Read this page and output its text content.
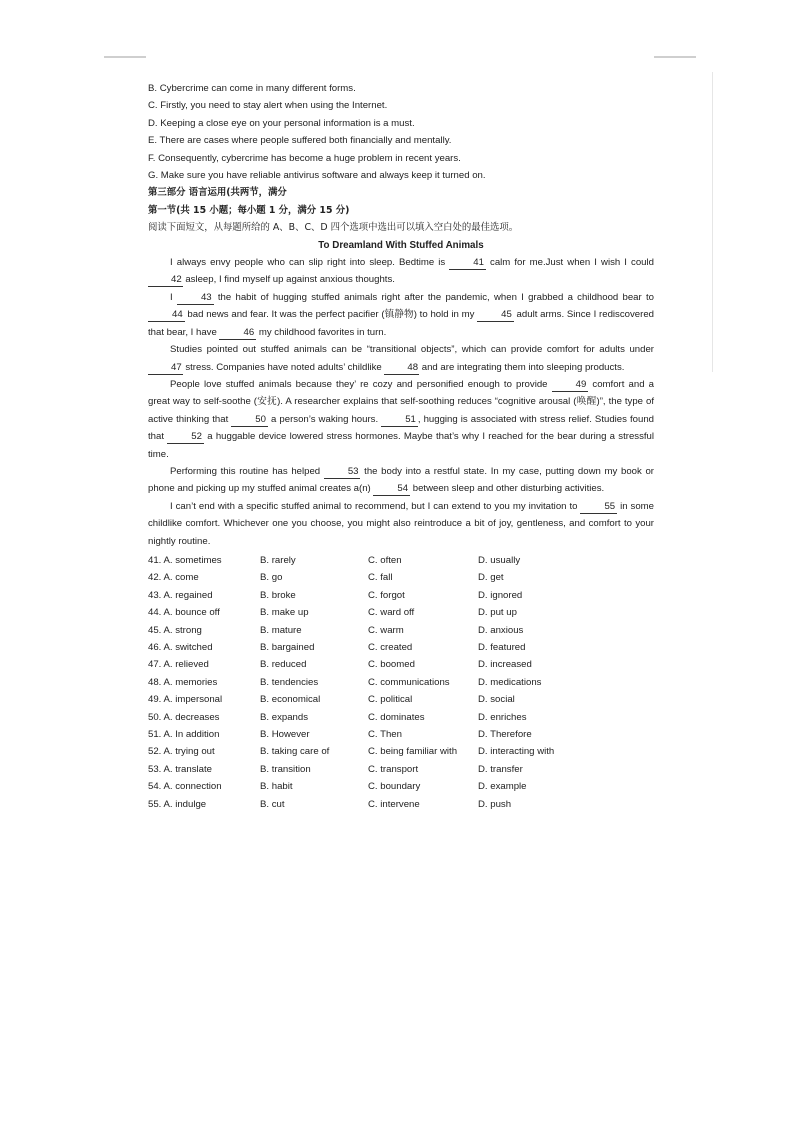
B. Cybercrime can come in many different forms.
C. Firstly, you need to stay alert when using the Internet.
D. Keeping a close eye on your personal information is a must.
E. There are cases where people suffered both financially and mentally.
F. Consequently, cybercrime has become a huge problem in recent years.
G. Make sure you have reliable antivirus software and always keep it turned on.
第三部分 语言运用(共两节，满分
第一节(共 15 小题；每小题 1 分，满分 15 分)
阅读下面短文，从每题所给的 A、B、C、D 四个选项中选出可以填入空白处的最佳选项。

To Dreamland With Stuffed Animals

I always envy people who can slip right into sleep. Bedtime is	41 calm for me.Just when I wish I could 42 asleep, I find myself up against anxious thoughts.

I	43 the habit of hugging stuffed animals right after the pandemic, when I grabbed a childhood bear to 44 bad news and fear. It was the perfect pacifier (镇静物) to hold in my	45 adult arms. Since I rediscovered that bear, I have	46 my childhood favorites in turn.

Studies pointed out stuffed animals can be “transitional objects”, which can provide comfort for adults under 47 stress. Companies have noted adults’ childlike 48 and are integrating them into sleeping products.

People love stuffed animals because they’ re cozy and personified enough to provide	49 comfort and a great way to self-soothe (安抚). A researcher explains that self-soothing reduces “cognitive arousal (唤醒)”, the type of active thinking that	50 a person’s waking hours.	51 , hugging is associated with stress relief. Studies found that	52 a huggable device lowered stress hormones. Maybe that’s why I reached for the bear during a stressful time.

Performing this routine has helped	53 the body into a restful state. In my case, putting down my book or phone and picking up my stuffed animal creates a(n)	54 between sleep and other disturbing activities.

I can’t end with a specific stuffed animal to recommend, but I can extend to you my invitation to	55 in some childlike comfort. Whichever one you choose, you might also reintroduce a bit of joy, gentleness, and comfort to your nightly routine.

41. A. sometimes	B. rarely	C. often	D. usually
42. A. come	B. go	C. fall	D. get
43. A. regained	B. broke	C. forgot	D. ignored
44. A. bounce off	B. make up	C. ward off	D. put up
45. A. strong	B. mature	C. warm	D. anxious
46. A. switched	B. bargained	C. created	D. featured
47. A. relieved	B. reduced	C. boomed	D. increased
48. A. memories	B. tendencies	C. communications	D. medications
49. A. impersonal	B. economical	C. political	D. social
50. A. decreases	B. expands	C. dominates	D. enriches
51. A. In addition	B. However	C. Then	D. Therefore
52. A. trying out	B. taking care of	C. being familiar with	D. interacting with
53. A. translate	B. transition	C. transport	D. transfer
54. A. connection	B. habit	C. boundary	D. example
55. A. indulge	B. cut	C. intervene	D. push
